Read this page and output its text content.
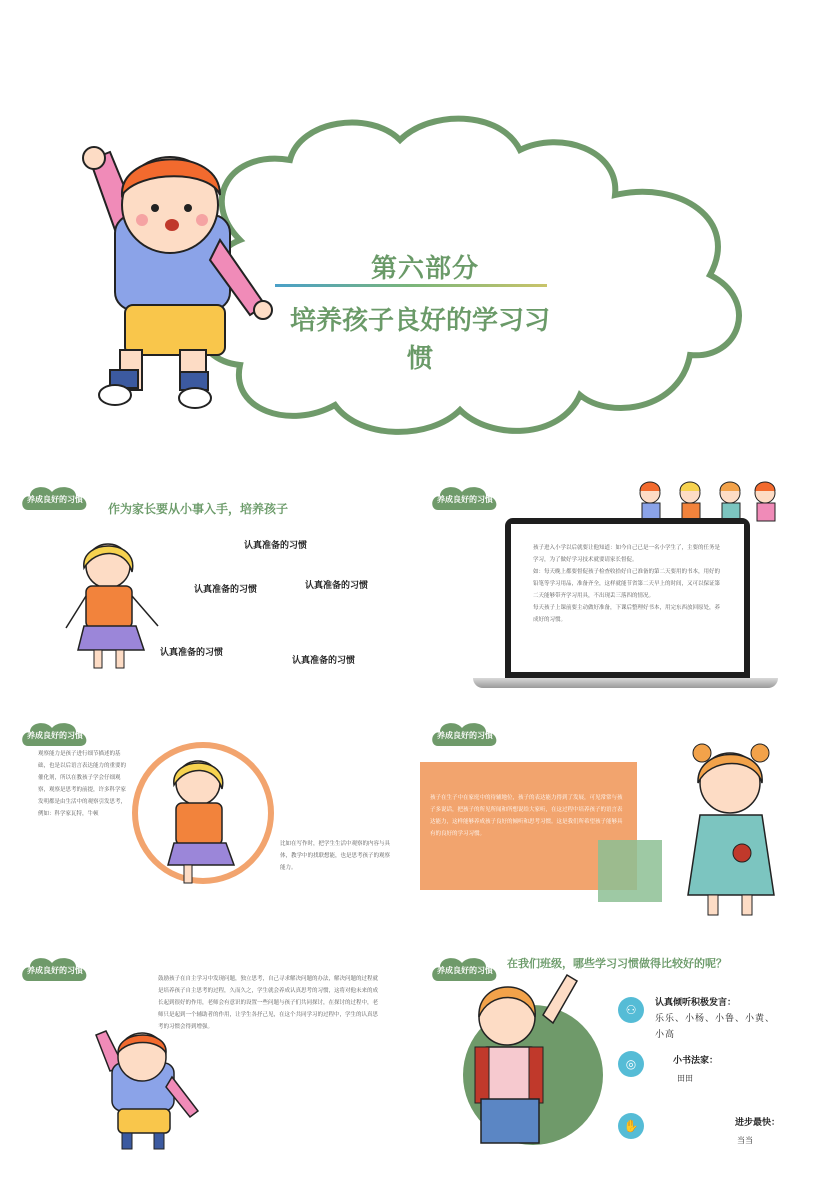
第六部分
培养孩子良好的学习习惯
养成良好的习惯
作为家长要从小事入手，培养孩子
认真准备的习惯
认真准备的习惯	认真准备的习惯
认真准备的习惯
认真准备的习惯
养成良好的习惯

孩子进入小学以后就要让他知道：如今自己已是一名小学生了，主要的任务是学习，为了做好学习技术就要请家长督促。

如：每天晚上都要督促孩子检查收拾好自己准备的第二天要用的书本，用好的铅笔等学习用品，准备齐全，这样就能节省第二天早上的时间，又可以保证第二天能够带齐学习用具，不出现丢三落四的情况。

每天孩子上课前要主动做好准备，下课后整理好书本，用完东西放回原处，养成好的习惯。

养成良好的习惯
观察能力是孩子进行细节描述的基础，也是以后语言表达能力的重要的催化剂，所以在教孩子学会仔细观察，观察是思考的前提，许多科学家发明都是由生活中的观察引发思考，例如：科学家瓦特，牛顿
比如在写作时，把学生生活中观察的内容与具体，教学中的找联想能，也是思考孩子的观察能力。
养成良好的习惯

孩子在生子中在家庭中的待辅地位，孩子的表达能力得到了发展，可见常常与孩子多说话，把孩子的所见所闻和所想说给大家听，在这过程中培养孩子的语言表达能力，这样能够养成孩子良好的倾听和思考习惯。这是我们所希望孩子能够具有的良好的学习习惯。

养成良好的习惯
鼓励孩子在自主学习中发现问题，独立思考，自己寻求解决问题的办法，解决问题的过程就是培养孩子自主思考的过程，久而久之，学生就会养成认真思考的习惯，这将对他未来的成长起到很好的作用，老师会有意识的设置一些问题与孩子们共同探讨，在探讨的过程中，老师只是起到一个辅助者的作用，让学生各抒己见，在这个共同学习的过程中，学生的认真思考的习惯会得到增强。
养成良好的习惯
在我们班级，哪些学习习惯做得比较好的呢？
⚇	认真倾听积极发言：
乐乐、小杨、小鲁、小黄、小高
◎	小书法家：
田田
✋	进步最快：
当当
